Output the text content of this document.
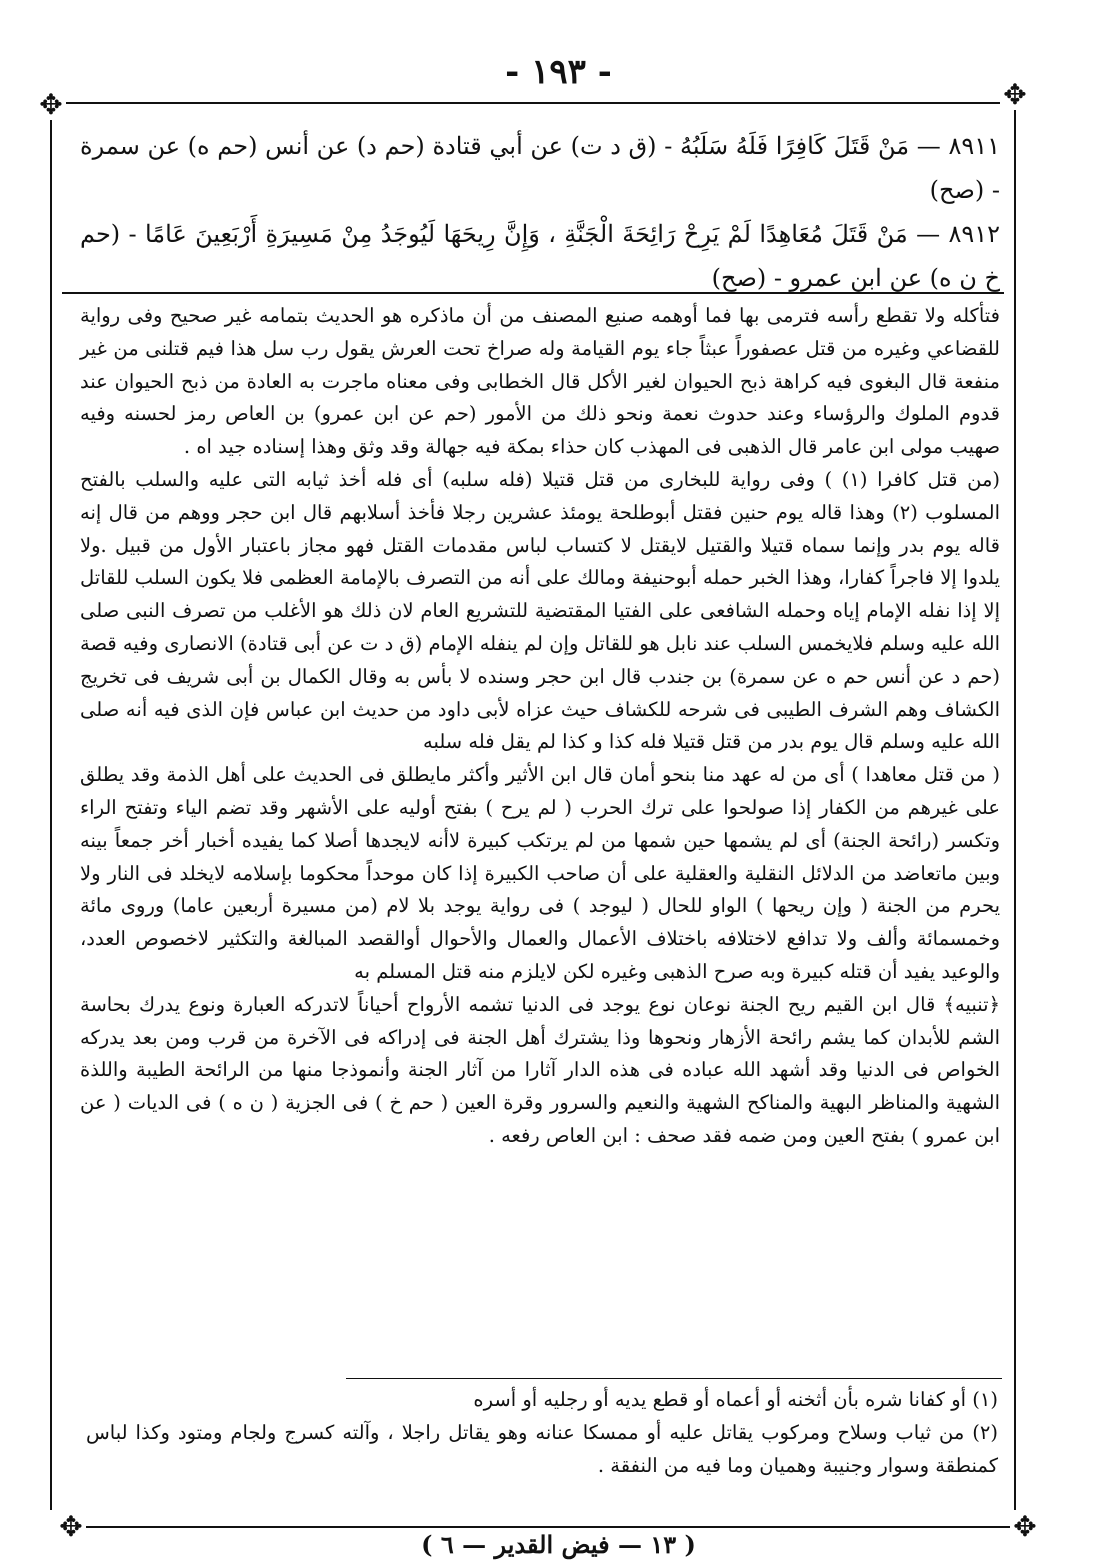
- ١٩٣ -
✥	✥

٨٩١١ — مَنْ قَتَلَ كَافِرًا فَلَهُ سَلَبُهُ - (ق د ت) عن أبي قتادة (حم د) عن أنس (حم ه) عن سمرة - (صح)

٨٩١٢ — مَنْ قَتَلَ مُعَاهِدًا لَمْ يَرِحْ رَائِحَةَ الْجَنَّةِ ، وَإِنَّ رِيحَهَا لَيُوجَدُ مِنْ مَسِيرَةِ أَرْبَعِينَ عَامًا - (حم خ ن ه) عن ابن عمرو - (صح)

فتأكله ولا تقطع رأسه فترمى بها فما أوهمه صنيع المصنف من أن ماذكره هو الحديث بتمامه غير صحيح وفى رواية للقضاعي وغيره من قتل عصفوراً عبثاً جاء يوم القيامة وله صراخ تحت العرش يقول رب سل هذا فيم قتلنى من غير منفعة قال البغوى فيه كراهة ذبح الحيوان لغير الأكل قال الخطابى وفى معناه ماجرت به العادة من ذبح الحيوان عند قدوم الملوك والرؤساء وعند حدوث نعمة ونحو ذلك من الأمور (حم عن ابن عمرو) بن العاص رمز لحسنه وفيه صهيب مولى ابن عامر قال الذهبى فى المهذب كان حذاء بمكة فيه جهالة وقد وثق وهذا إسناده جيد اه .

(من قتل كافرا (١) ) وفى رواية للبخارى من قتل قتيلا (فله سلبه) أى فله أخذ ثيابه التى عليه والسلب بالفتح المسلوب (٢) وهذا قاله يوم حنين فقتل أبوطلحة يومئذ عشرين رجلا فأخذ أسلابهم قال ابن حجر ووهم من قال إنه قاله يوم بدر وإنما سماه قتيلا والقتيل لايقتل لا كتساب لباس مقدمات القتل فهو مجاز باعتبار الأول من قبيل .ولا يلدوا إلا فاجراً كفارا، وهذا الخبر حمله أبوحنيفة ومالك على أنه من التصرف بالإمامة العظمى فلا يكون السلب للقاتل إلا إذا نفله الإمام إياه وحمله الشافعى على الفتيا المقتضية للتشريع العام لان ذلك هو الأغلب من تصرف النبى صلى الله عليه وسلم فلايخمس السلب عند نابل هو للقاتل وإن لم ينفله الإمام (ق د ت عن أبى قتادة) الانصارى وفيه قصة (حم د عن أنس حم ه عن سمرة) بن جندب قال ابن حجر وسنده لا بأس به وقال الكمال بن أبى شريف فى تخريج الكشاف وهم الشرف الطيبى فى شرحه للكشاف حيث عزاه لأبى داود من حديث ابن عباس فإن الذى فيه أنه صلى الله عليه وسلم قال يوم بدر من قتل قتيلا فله كذا و كذا لم يقل فله سلبه

( من قتل معاهدا ) أى من له عهد منا بنحو أمان قال ابن الأثير وأكثر مايطلق فى الحديث على أهل الذمة وقد يطلق على غيرهم من الكفار إذا صولحوا على ترك الحرب ( لم يرح ) بفتح أوليه على الأشهر وقد تضم الياء وتفتح الراء وتكسر (رائحة الجنة) أى لم يشمها حين شمها من لم يرتكب كبيرة لاأنه لايجدها أصلا كما يفيده أخبار أخر جمعاً بينه وبين ماتعاضد من الدلائل النقلية والعقلية على أن صاحب الكبيرة إذا كان موحداً محكوما بإسلامه لايخلد فى النار ولا يحرم من الجنة ( وإن ريحها ) الواو للحال ( ليوجد ) فى رواية يوجد بلا لام (من مسيرة أربعين عاما) وروى مائة وخمسمائة وألف ولا تدافع لاختلافه باختلاف الأعمال والعمال والأحوال أوالقصد المبالغة والتكثير لاخصوص العدد، والوعيد يفيد أن قتله كبيرة وبه صرح الذهبى وغيره لكن لايلزم منه قتل المسلم به

﴿تنبيه﴾ قال ابن القيم ريح الجنة نوعان نوع يوجد فى الدنيا تشمه الأرواح أحياناً لاتدركه العبارة ونوع يدرك بحاسة الشم للأبدان كما يشم رائحة الأزهار ونحوها وذا يشترك أهل الجنة فى إدراكه فى الآخرة من قرب ومن بعد يدركه الخواص فى الدنيا وقد أشهد الله عباده فى هذه الدار آثارا من آثار الجنة وأنموذجا منها من الرائحة الطيبة واللذة الشهية والمناظر البهية والمناكح الشهية والنعيم والسرور وقرة العين ( حم خ ) فى الجزية ( ن ه ) فى الديات ( عن ابن عمرو ) بفتح العين ومن ضمه فقد صحف : ابن العاص رفعه .

(١) أو كفانا شره بأن أثخنه أو أعماه أو قطع يديه أو رجليه أو أسره

(٢) من ثياب وسلاح ومركوب يقاتل عليه أو ممسكا عنانه وهو يقاتل راجلا ، وآلته كسرج ولجام ومتود وكذا لباس كمنطقة وسوار وجنيبة وهميان وما فيه من النفقة .

✥	✥
( ١٣ — فيض القدير — ٦ )
